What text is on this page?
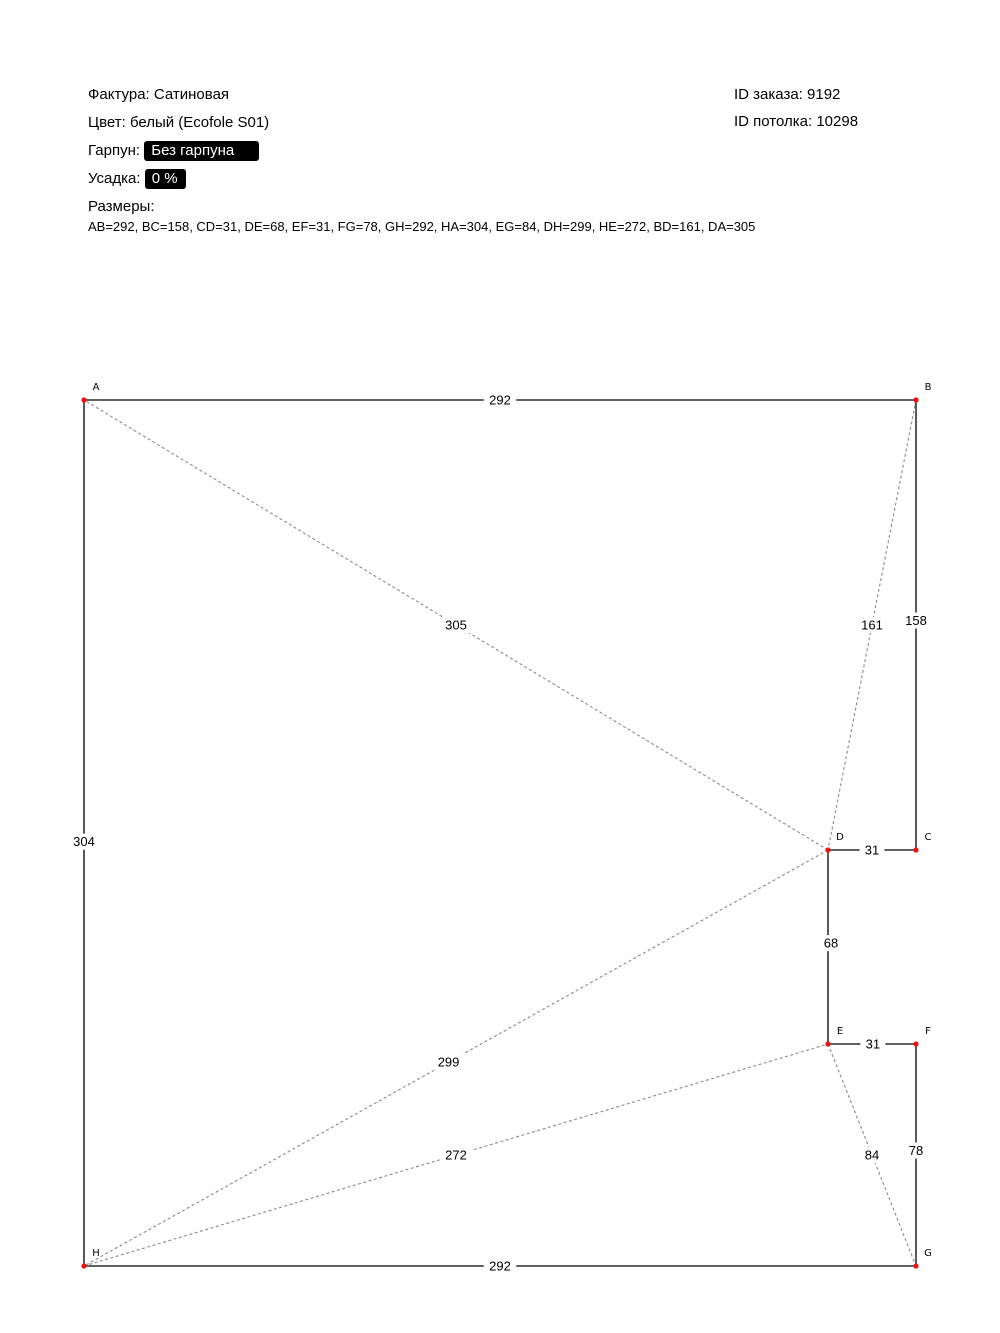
Фактура: Сатиновая
Цвет: белый (Ecofole S01)
Гарпун: Без гарпуна
Усадка: 0 %
Размеры:
AB=292, BC=158, CD=31, DE=68, EF=31, FG=78, GH=292, HA=304, EG=84, DH=299, HE=272, BD=161, DA=305
ID заказа: 9192
ID потолка: 10298
84
299
272
161
305
292
158
31
68
31
78
292
304
A	B
C
D
E	F
G
H
